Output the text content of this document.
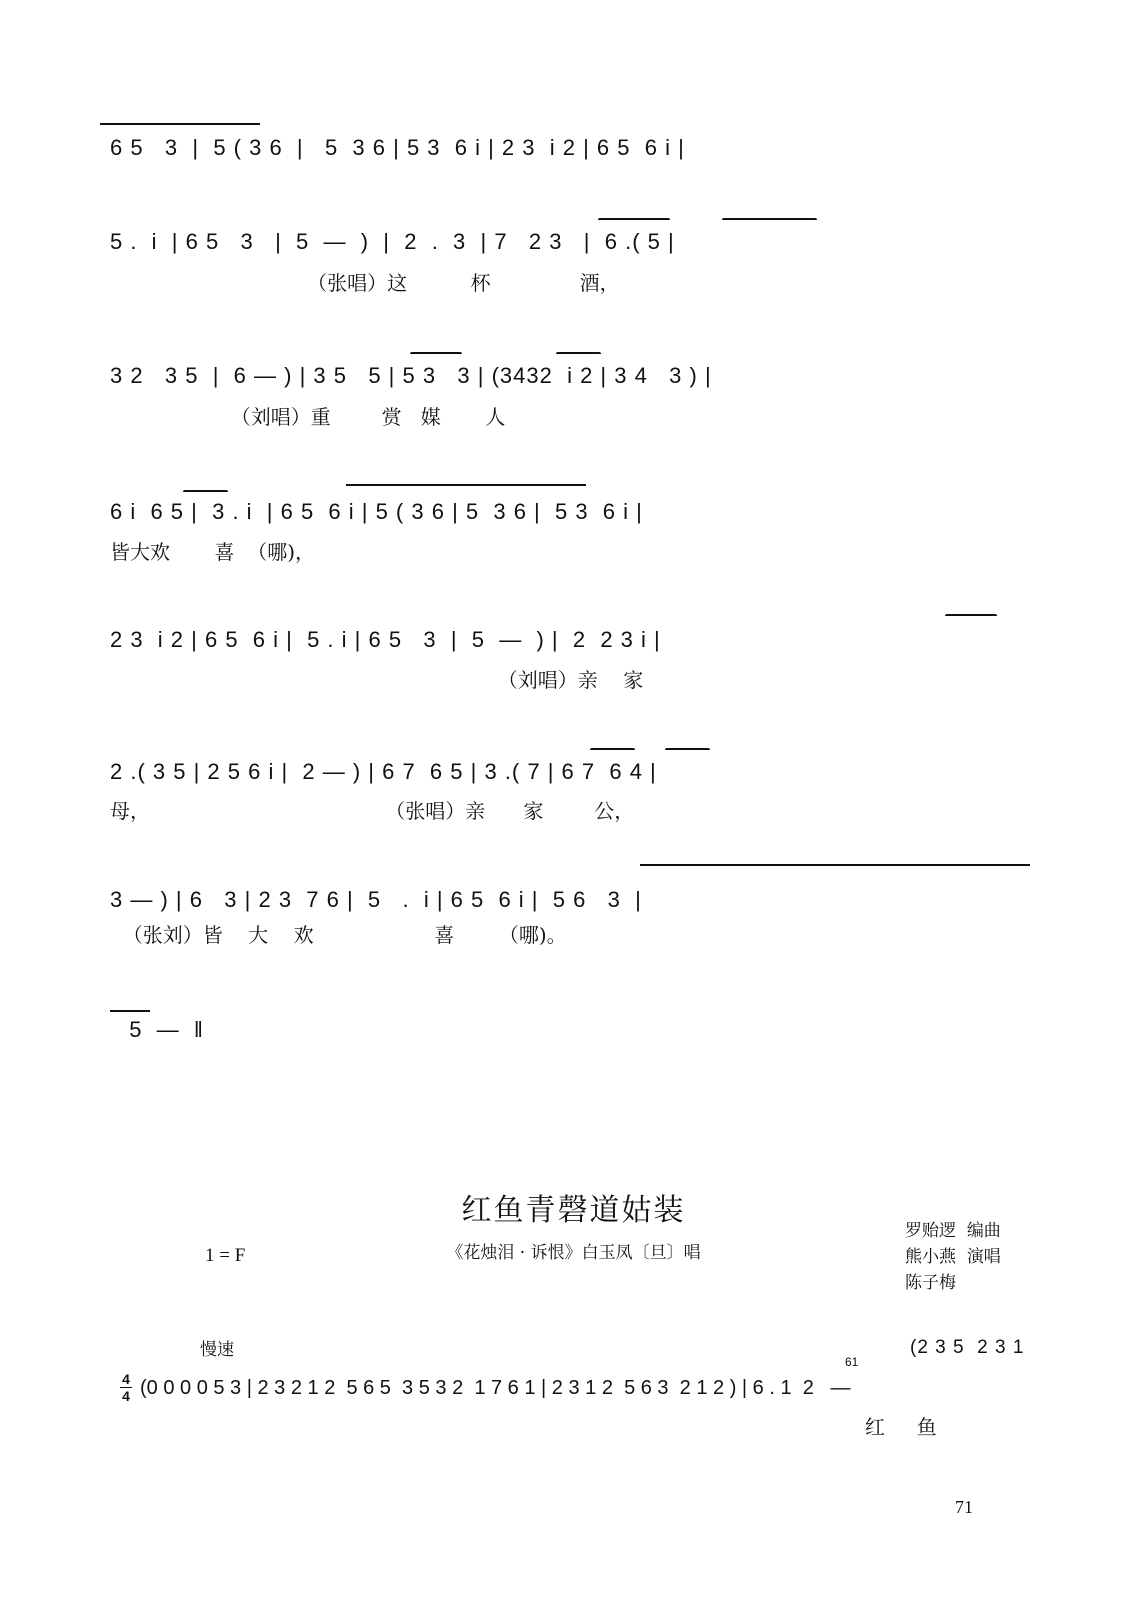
6 5   3  |  5 ( 3 6  |   5  3 6 | 5 3  6 i | 2 3  i 2 | 6 5  6 i |
5 .  i  | 6 5   3   |  5  —  )  |  2  .  3  | 7   2 3   |  6 .( 5 |
（张唱）这          杯              酒，
3 2   3 5  |  6 — ) | 3 5   5 | 5 3   3 | (3432  i 2 | 3 4   3 ) |
（刘唱）重        赏   媒       人
6 i  6 5 |  3 . i  | 6 5  6 i | 5 ( 3 6 | 5  3 6 |  5 3  6 i |
皆大欢       喜  （哪)，
2 3  i 2 | 6 5  6 i |  5 . i | 6 5   3  |  5  —  ) |  2  2 3 i |
（刘唱）亲    家
2 .( 3 5 | 2 5 6 i |  2 — ) | 6 7  6 5 | 3 .( 7 | 6 7  6 4 |
母，                                     （张唱）亲      家        公，
3 — ) | 6   3 | 2 3  7 6 |  5   .  i | 6 5  6 i |  5 6   3  |
（张刘）皆    大    欢                   喜       （哪)。
5  —  ‖
红鱼青磬道姑装
《花烛泪 · 诉恨》白玉凤〔旦〕唱
1 = F
罗贻逻 编曲
熊小燕 演唱
陈子梅
慢速	(2 3 5  2 3 1
61
4
4 (0 0 0 0 5 3 | 2 3 2 1 2  5 6 5  3 5 3 2  1 7 6 1 | 2 3 1 2  5 6 3  2 1 2 ) | 6 . 1  2   —
红     鱼
71
